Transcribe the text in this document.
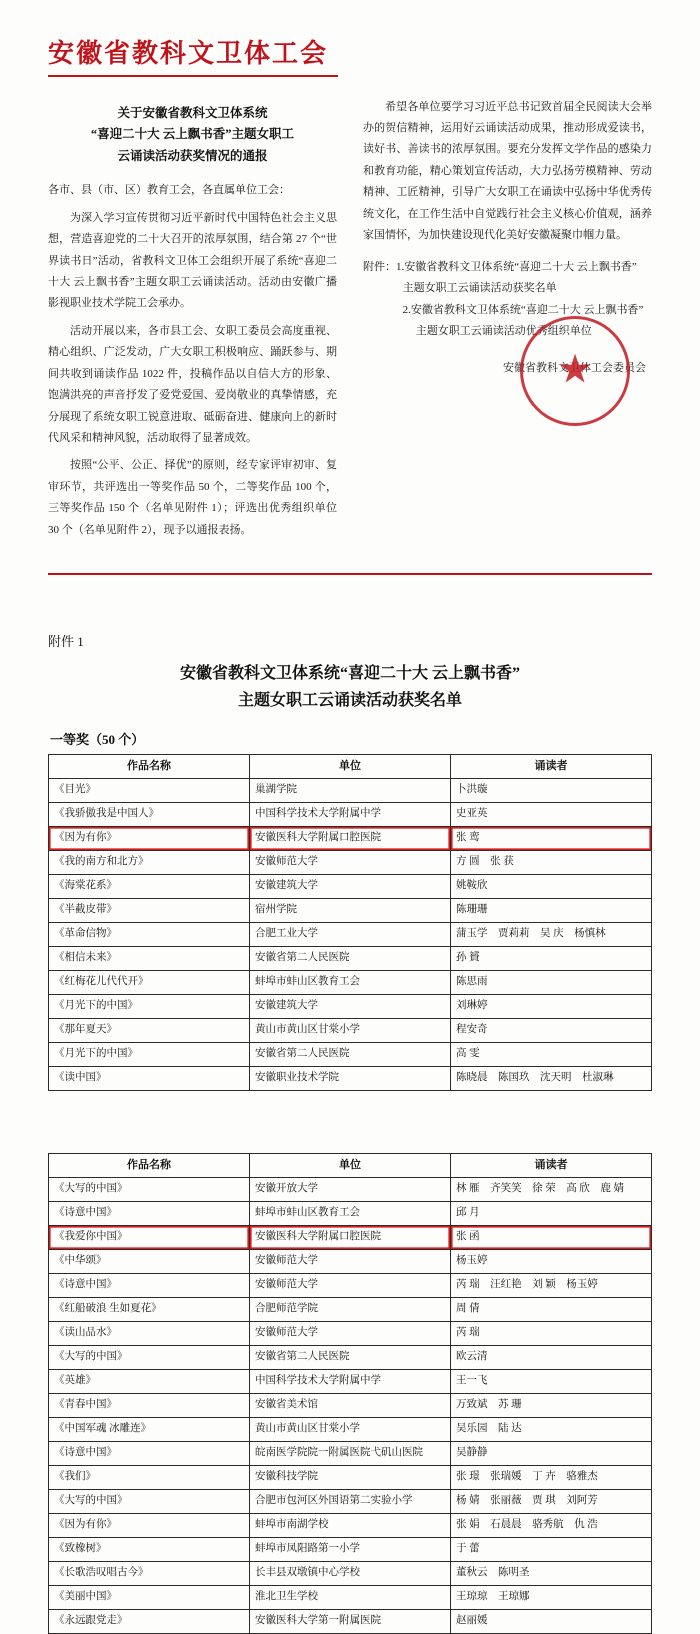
安徽省教科文卫体工会
关于安徽省教科文卫体系统
“喜迎二十大 云上飘书香”主题女职工
云诵读活动获奖情况的通报

各市、县（市、区）教育工会，各直属单位工会：

为深入学习宣传贯彻习近平新时代中国特色社会主义思想，营造喜迎党的二十大召开的浓厚氛围，结合第 27 个“世界读书日”活动，省教科文卫体工会组织开展了系统“喜迎二十大 云上飘书香”主题女职工云诵读活动。活动由安徽广播影视职业技术学院工会承办。

活动开展以来，各市县工会、女职工委员会高度重视、精心组织、广泛发动，广大女职工积极响应、踊跃参与、期间共收到诵读作品 1022 件，投稿作品以自信大方的形象、饱满洪亮的声音抒发了爱党爱国、爱岗敬业的真挚情感，充分展现了系统女职工锐意进取、砥砺奋进、健康向上的新时代风采和精神风貌，活动取得了显著成效。

按照“公平、公正、择优”的原则，经专家评审初审、复审环节，共评选出一等奖作品 50 个，二等奖作品 100 个，三等奖作品 150 个（名单见附件 1）；评选出优秀组织单位 30 个（名单见附件 2），现予以通报表扬。

希望各单位要学习习近平总书记致首届全民阅读大会举办的贺信精神，运用好云诵读活动成果，推动形成爱读书，读好书、善读书的浓厚氛围。要充分发挥文学作品的感染力和教育功能，精心策划宣传活动，大力弘扬劳模精神、劳动精神、工匠精神，引导广大女职工在诵读中弘扬中华优秀传统文化，在工作生活中自觉践行社会主义核心价值观，涵养家国情怀，为加快建设现代化美好安徽凝聚巾帼力量。

附件：1.安徽省教科文卫体系统“喜迎二十大 云上飘书香”
主题女职工云诵读活动获奖名单
2.安徽省教科文卫体系统“喜迎二十大 云上飘书香”
主题女职工云诵读活动优秀组织单位
安徽省教科文卫体工会委员会
★
附件 1
安徽省教科文卫体系统“喜迎二十大 云上飘书香”
主题女职工云诵读活动获奖名单
一等奖（50 个）
作品名称	单位	诵读者
《目光》	巢湖学院	卜洪璇
《我骄傲我是中国人》	中国科学技术大学附属中学	史亚英
《因为有你》	安徽医科大学附属口腔医院	张 鸾
《我的南方和北方》	安徽师范大学	方 圆　张 获
《海棠花系》	安徽建筑大学	姚鞍欣
《半截皮带》	宿州学院	陈珊珊
《革命信物》	合肥工业大学	蒲玉学　贾莉莉　吴 庆　杨慎林
《相信未来》	安徽省第二人民医院	孙 贇
《红梅花儿代代开》	蚌埠市蚌山区教育工会	陈思雨
《月光下的中国》	安徽建筑大学	刘琳婷
《那年夏天》	黄山市黄山区甘棠小学	程安奇
《月光下的中国》	安徽省第二人民医院	高 雯
《读中国》	安徽职业技术学院	陈晓晨　陈国玖　沈天明　杜淑琳
作品名称	单位	诵读者
《大写的中国》	安徽开放大学	林 雁　齐笑笑　徐 荣　高 欣　鹿 婧
《诗意中国》	蚌埠市蚌山区教育工会	邱 月
《我爱你中国》	安徽医科大学附属口腔医院	张 函
《中华颂》	安徽师范大学	杨玉婷
《诗意中国》	安徽师范大学	芮 瑞　汪红艳　刘 颖　杨玉婷
《红船破浪 生如夏花》	合肥师范学院	周 倩
《读山品水》	安徽师范大学	芮 瑞
《大写的中国》	安徽省第二人民医院	欧云清
《英雄》	中国科学技术大学附属中学	王一飞
《青春中国》	安徽省美术馆	万致斌　苏 珊
《中国军魂 冰雕连》	黄山市黄山区甘棠小学	吴乐园　陆 达
《诗意中国》	皖南医学院院一附属医院弋矶山医院	吴静静
《我们》	安徽科技学院	张 璟　张瑞媛　丁 卉　骆雅杰
《大写的中国》	合肥市包河区外国语第二实验小学	杨 婧　张丽薇　贾 琪　刘阿芳
《因为有你》	蚌埠市南湖学校	张 娟　石晨晨　骆秀航　仇 浩
《致橡树》	蚌埠市凤阳路第一小学	于 蕾
《长歌浩叹唱古今》	长丰县双墩镇中心学校	董秋云　陈明圣
《美丽中国》	淮北卫生学校	王琼琼　王琼娜
《永远跟党走》	安徽医科大学第一附属医院	赵丽媛
